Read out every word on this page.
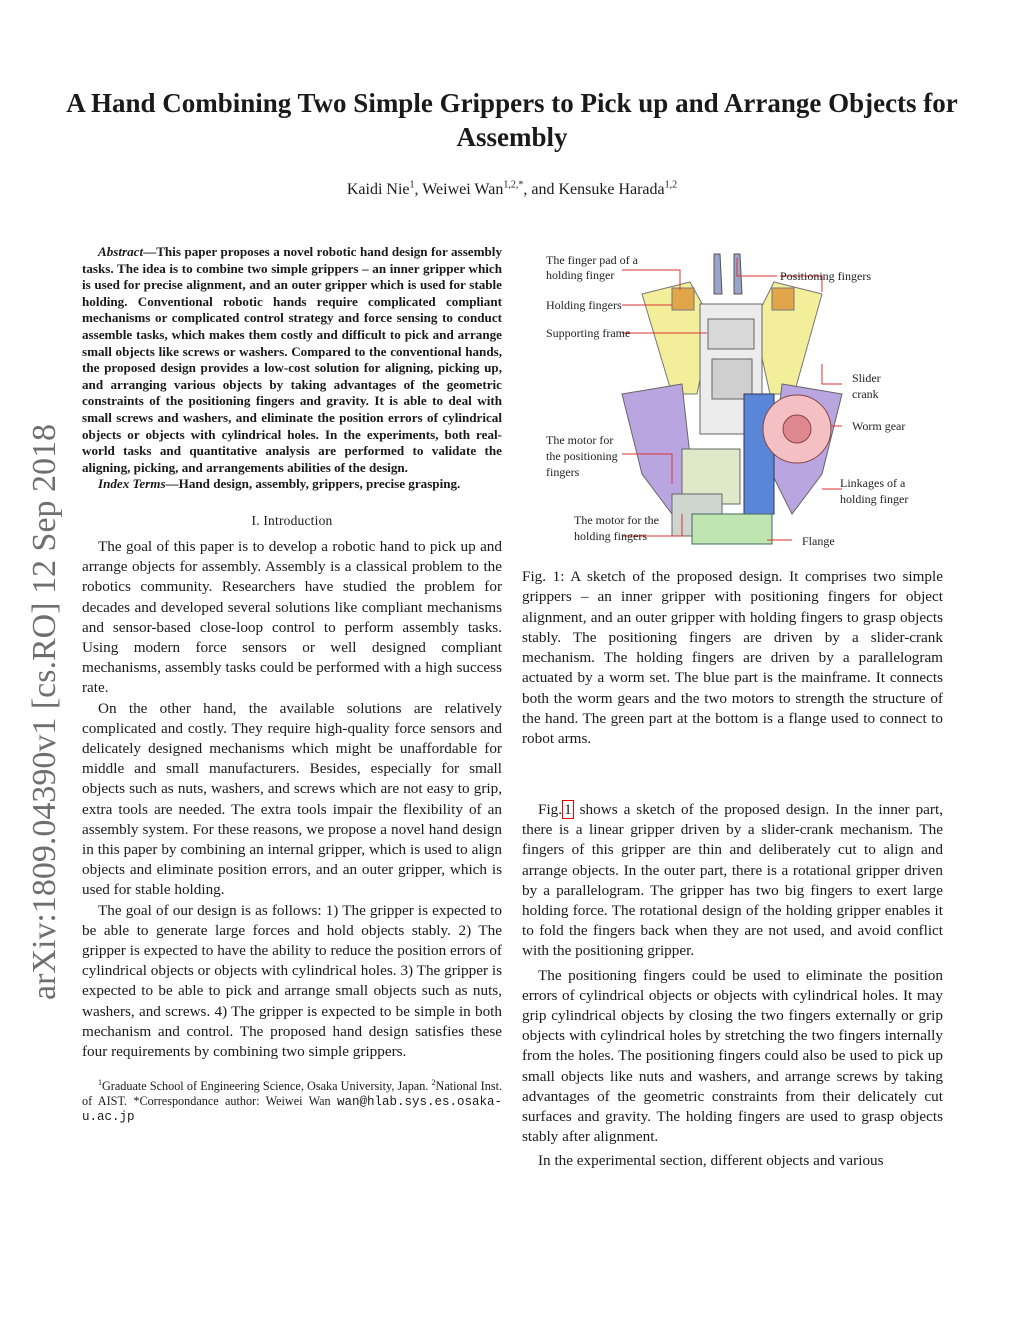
A Hand Combining Two Simple Grippers to Pick up and Arrange Objects for Assembly
Kaidi Nie$^1$, Weiwei Wan$^{1,2,*}$, and Kensuke Harada$^{1,2}$
arXiv:1809.04390v1 [cs.RO] 12 Sep 2018

Abstract—This paper proposes a novel robotic hand design for assembly tasks. The idea is to combine two simple grippers – an inner gripper which is used for precise alignment, and an outer gripper which is used for stable holding. Conventional robotic hands require complicated compliant mechanisms or complicated control strategy and force sensing to conduct assemble tasks, which makes them costly and difficult to pick and arrange small objects like screws or washers. Compared to the conventional hands, the proposed design provides a low-cost solution for aligning, picking up, and arranging various objects by taking advantages of the geometric constraints of the positioning fingers and gravity. It is able to deal with small screws and washers, and eliminate the position errors of cylindrical objects or objects with cylindrical holes. In the experiments, both real-world tasks and quantitative analysis are performed to validate the aligning, picking, and arrangements abilities of the design.

Index Terms—Hand design, assembly, grippers, precise grasping.

I. Introduction

The goal of this paper is to develop a robotic hand to pick up and arrange objects for assembly. Assembly is a classical problem to the robotics community. Researchers have studied the problem for decades and developed several solutions like compliant mechanisms and sensor-based close-loop control to perform assembly tasks. Using modern force sensors or well designed compliant mechanisms, assembly tasks could be performed with a high success rate.

On the other hand, the available solutions are relatively complicated and costly. They require high-quality force sensors and delicately designed mechanisms which might be unaffordable for middle and small manufacturers. Besides, especially for small objects such as nuts, washers, and screws which are not easy to grip, extra tools are needed. The extra tools impair the flexibility of an assembly system. For these reasons, we propose a novel hand design in this paper by combining an internal gripper, which is used to align objects and eliminate position errors, and an outer gripper, which is used for stable holding.

The goal of our design is as follows: 1) The gripper is expected to be able to generate large forces and hold objects stably. 2) The gripper is expected to have the ability to reduce the position errors of cylindrical objects or objects with cylindrical holes. 3) The gripper is expected to be able to pick and arrange small objects such as nuts, washers, and screws. 4) The gripper is expected to be simple in both mechanism and control. The proposed hand design satisfies these four requirements by combining two simple grippers.

$^1$Graduate School of Engineering Science, Osaka University, Japan. $^2$National Inst. of AIST. *Correspondance author: Weiwei Wan wan@hlab.sys.es.osaka-u.ac.jp

The finger pad of a
holding finger
Holding fingers
Supporting frame
The motor for
the positioning
fingers
The motor for the
holding fingers
Positioning fingers
Slider
crank
Worm gear
Linkages of a
holding finger
Flange

Fig. 1: A sketch of the proposed design. It comprises two simple grippers – an inner gripper with positioning fingers for object alignment, and an outer gripper with holding fingers to grasp objects stably. The positioning fingers are driven by a slider-crank mechanism. The holding fingers are driven by a parallelogram actuated by a worm set. The blue part is the mainframe. It connects both the worm gears and the two motors to strength the structure of the hand. The green part at the bottom is a flange used to connect to robot arms.

Fig. 1 shows a sketch of the proposed design. In the inner part, there is a linear gripper driven by a slider-crank mechanism. The fingers of this gripper are thin and deliberately cut to align and arrange objects. In the outer part, there is a rotational gripper driven by a parallelogram. The gripper has two big fingers to exert large holding force. The rotational design of the holding gripper enables it to fold the fingers back when they are not used, and avoid conflict with the positioning gripper.

The positioning fingers could be used to eliminate the position errors of cylindrical objects or objects with cylindrical holes. It may grip cylindrical objects by closing the two fingers externally or grip objects with cylindrical holes by stretching the two fingers internally from the holes. The positioning fingers could also be used to pick up small objects like nuts and washers, and arrange screws by taking advantages of the geometric constraints from their delicately cut surfaces and gravity. The holding fingers are used to grasp objects stably after alignment.

In the experimental section, different objects and various
